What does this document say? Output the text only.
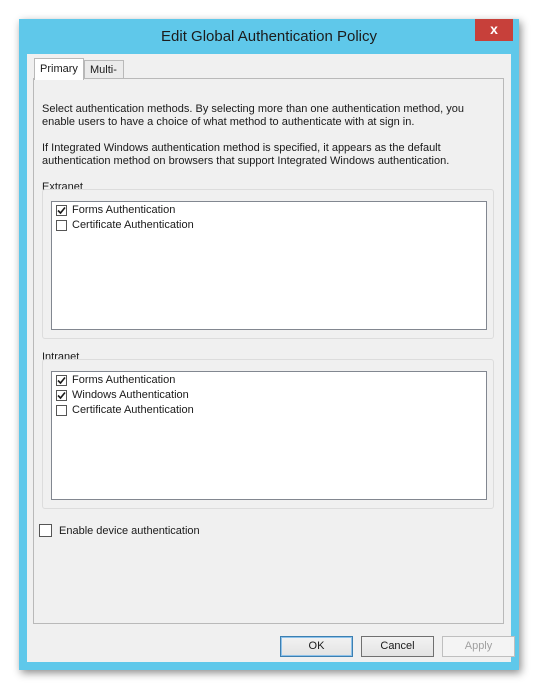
Edit Global Authentication Policy	x
Primary	Multi-

Select authentication methods. By selecting more than one authentication method, you enable users to have a choice of what method to authenticate with at sign in.

If Integrated Windows authentication method is specified, it appears as the default authentication method on browsers that support Integrated Windows authentication.

Extranet
Forms Authentication
Certificate Authentication
Intranet
Forms Authentication
Windows Authentication
Certificate Authentication
Enable device authentication
OK	Cancel	Apply
